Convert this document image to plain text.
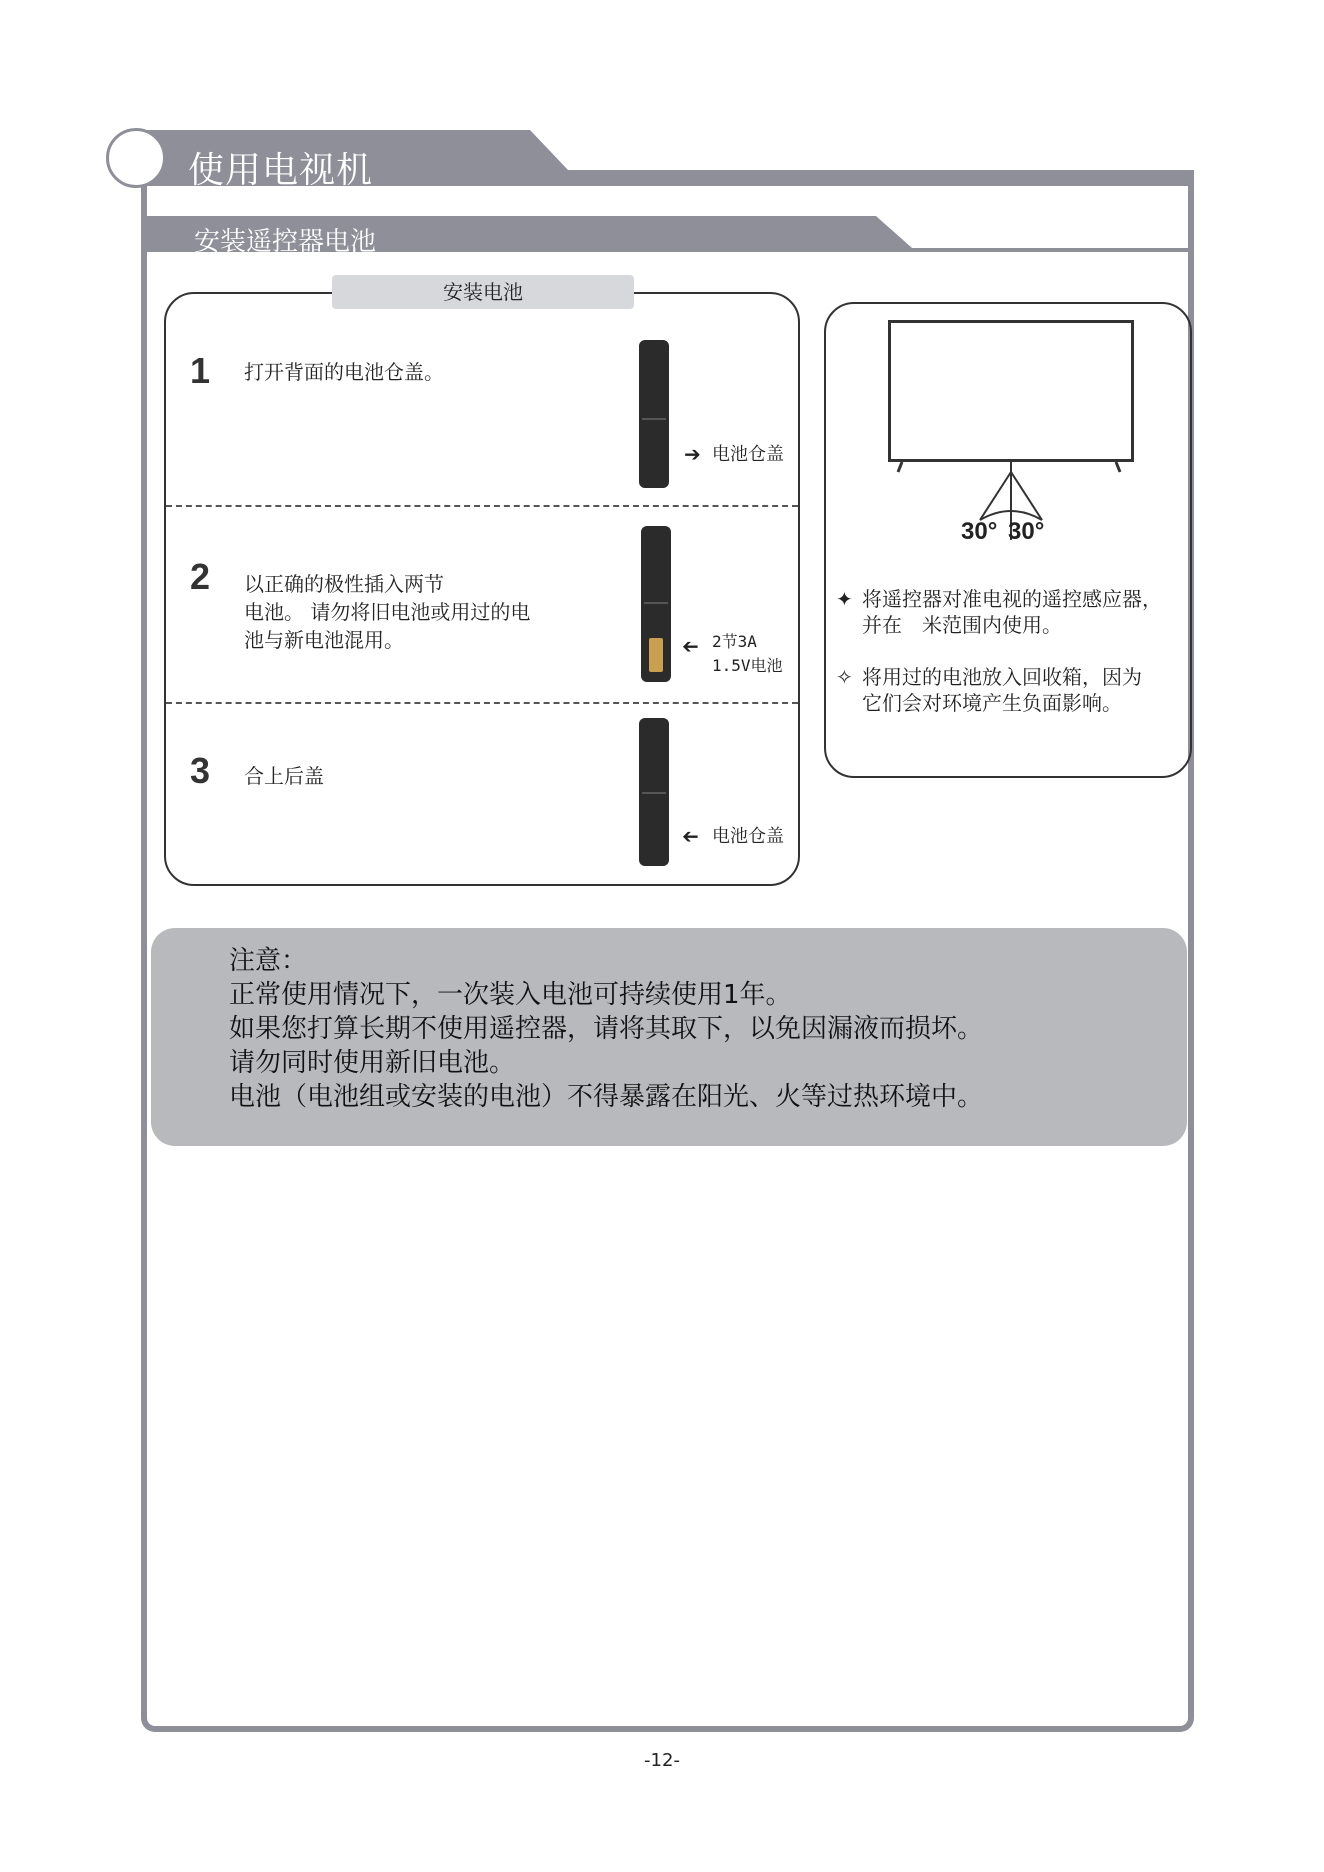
使用电视机
安装遥控器电池
安装电池
1 打开背面的电池仓盖。
➔ 电池仓盖
2 以正确的极性插入两节
电池。 请勿将旧电池或用过的电
池与新电池混用。	➔ 2节3A
1.5V电池
3 合上后盖
➔ 电池仓盖
30° 30°
✦ 将遥控器对准电视的遥控感应器，
并在　米范围内使用。
✧ 将用过的电池放入回收箱，因为
它们会对环境产生负面影响。
注意：
正常使用情况下，一次装入电池可持续使用1年。
如果您打算长期不使用遥控器，请将其取下，以免因漏液而损坏。
请勿同时使用新旧电池。
电池（电池组或安装的电池）不得暴露在阳光、火等过热环境中。
-12-
